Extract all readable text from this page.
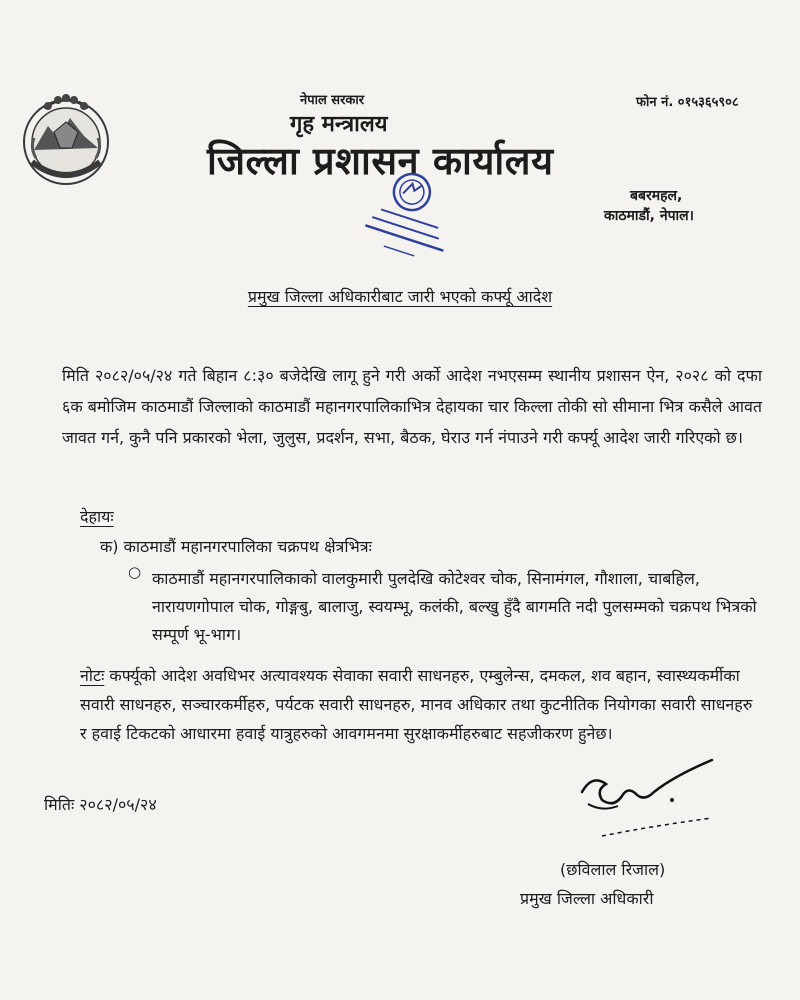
नेपाल सरकार
गृह मन्त्रालय
जिल्ला प्रशासन कार्यालय
फोन नं. ०१५३६५९०८
बबरमहल,
काठमाडौं, नेपाल।
प्रमुख जिल्ला अधिकारीबाट जारी भएको कर्फ्यू आदेश
मिति २०८२/०५/२४ गते बिहान ८:३० बजेदेखि लागू हुने गरी अर्को आदेश नभएसम्म स्थानीय प्रशासन ऐन, २०२८ को दफा ६क बमोजिम काठमाडौं जिल्लाको काठमाडौं महानगरपालिकाभित्र देहायका चार किल्ला तोकी सो सीमाना भित्र कसैले आवत जावत गर्न, कुनै पनि प्रकारको भेला, जुलुस, प्रदर्शन, सभा, बैठक, घेराउ गर्न नंपाउने गरी कर्फ्यू आदेश जारी गरिएको छ।
देहायः
क) काठमाडौं महानगरपालिका चक्रपथ क्षेत्रभित्रः
○ काठमाडौं महानगरपालिकाको वालकुमारी पुलदेखि कोटेश्वर चोक, सिनामंगल, गौशाला, चाबहिल, नारायणगोपाल चोक, गोङ्गबु, बालाजु, स्वयम्भू, कलंकी, बल्खु हुँदै बागमति नदी पुलसम्मको चक्रपथ भित्रको सम्पूर्ण भू-भाग।
नोटः कर्फ्यूको आदेश अवधिभर अत्यावश्यक सेवाका सवारी साधनहरु, एम्बुलेन्स, दमकल, शव बहान, स्वास्थ्यकर्मीका सवारी साधनहरु, सञ्चारकर्मीहरु, पर्यटक सवारी साधनहरु, मानव अधिकार तथा कुटनीतिक नियोगका सवारी साधनहरु र हवाई टिकटको आधारमा हवाई यात्रुहरुको आवगमनमा सुरक्षाकर्मीहरुबाट सहजीकरण हुनेछ।
मितिः २०८२/०५/२४
(छविलाल रिजाल)
प्रमुख जिल्ला अधिकारी
